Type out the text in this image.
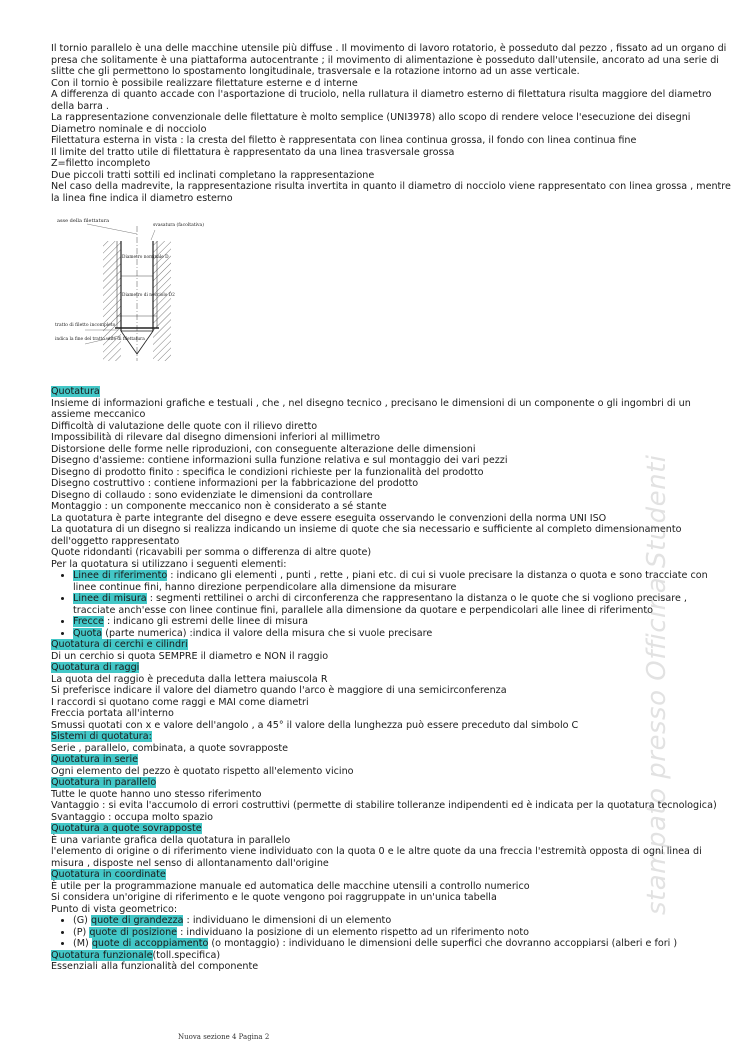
Il tornio parallelo è una delle macchine utensile più diffuse . Il movimento di lavoro rotatorio, è posseduto dal pezzo , fissato ad un organo di presa che solitamente è una piattaforma autocentrante ; il movimento di alimentazione è posseduto dall'utensile, ancorato ad una serie di slitte che gli permettono lo spostamento longitudinale, trasversale e la rotazione intorno ad un asse verticale.

Con il tornio è possibile realizzare filettature esterne e d interne

A differenza di quanto accade con l'asportazione di truciolo, nella rullatura il diametro esterno di filettatura risulta maggiore del diametro della barra .

La rappresentazione convenzionale delle filettature è molto semplice (UNI3978) allo scopo di rendere veloce l'esecuzione dei disegni

Diametro nominale e di nocciolo

Filettatura esterna in vista : la cresta del filetto è rappresentata con linea continua grossa, il fondo con linea continua fine

Il limite del tratto utile di filettatura è rappresentato da una linea trasversale grossa

Z=filetto incompleto

Due piccoli tratti sottili ed inclinati completano la rappresentazione

Nel caso della madrevite, la rappresentazione risulta invertita in quanto il diametro di nocciolo viene rappresentato con linea grossa , mentre la linea fine indica il diametro esterno

asse della filettatura
svasatura (facoltativa)
Diametro nominale D
Diametro di nocciolo D2
tratto di filetto incompleto
indica la fine del tratto utile di filettatura

Quotatura

Insieme di informazioni grafiche e testuali , che , nel disegno tecnico , precisano le dimensioni di un componente o gli ingombri di un assieme meccanico

Difficoltà di valutazione delle quote con il rilievo diretto

Impossibilità di rilevare dal disegno dimensioni inferiori al millimetro

Distorsione delle forme nelle riproduzioni, con conseguente alterazione delle dimensioni

Disegno d'assieme: contiene informazioni sulla funzione relativa e sul montaggio dei vari pezzi

Disegno di prodotto finito : specifica le condizioni richieste per la funzionalità del prodotto

Disegno costruttivo : contiene informazioni per la fabbricazione del prodotto

Disegno di collaudo : sono evidenziate le dimensioni da controllare

Montaggio : un componente meccanico non è considerato a sé stante

La quotatura è parte integrante del disegno e deve essere eseguita osservando le convenzioni della norma UNI ISO

La quotatura di un disegno si realizza indicando un insieme di quote che sia necessario e sufficiente al completo dimensionamento dell'oggetto rappresentato

Quote ridondanti (ricavabili per somma o differenza di altre quote)

Per la quotatura si utilizzano i seguenti elementi:

• Linee di riferimento : indicano gli elementi , punti , rette , piani etc. di cui si vuole precisare la distanza o quota e sono tracciate con linee continue fini, hanno direzione perpendicolare alla dimensione da misurare
• Linee di misura : segmenti rettilinei o archi di circonferenza che rappresentano la distanza o le quote che si vogliono precisare , tracciate anch'esse con linee continue fini, parallele alla dimensione da quotare e perpendicolari alle linee di riferimento
• Frecce : indicano gli estremi delle linee di misura
• Quota (parte numerica) :indica il valore della misura che si vuole precisare

Quotatura di cerchi e cilindri

Di un cerchio si quota SEMPRE il diametro e NON il raggio

Quotatura di raggi

La quota del raggio è preceduta dalla lettera maiuscola R

Si preferisce indicare il valore del diametro quando l'arco è maggiore di una semicirconferenza

I raccordi si quotano come raggi e MAI come diametri

Freccia portata all'interno

Smussi quotati con x e valore dell'angolo , a 45° il valore della lunghezza può essere preceduto dal simbolo C

Sistemi di quotatura:

Serie , parallelo, combinata, a quote sovrapposte

Quotatura in serie

Ogni elemento del pezzo è quotato rispetto all'elemento vicino

Quotatura in parallelo

Tutte le quote hanno uno stesso riferimento

Vantaggio : si evita l'accumolo di errori costruttivi (permette di stabilire tolleranze indipendenti ed è indicata per la quotatura tecnologica)

Svantaggio : occupa molto spazio

Quotatura a quote sovrapposte

È una variante grafica della quotatura in parallelo

l'elemento di origine o di riferimento viene individuato con la quota 0 e le altre quote da una freccia l'estremità opposta di ogni linea di misura , disposte nel senso di allontanamento dall'origine

Quotatura in coordinate

È utile per la programmazione manuale ed automatica delle macchine utensili a controllo numerico

Si considera un'origine di riferimento e le quote vengono poi raggruppate in un'unica tabella

Punto di vista geometrico:

• (G) quote di grandezza : individuano le dimensioni di un elemento
• (P) quote di posizione : individuano la posizione di un elemento rispetto ad un riferimento noto
• (M) quote di accoppiamento (o montaggio) : individuano le dimensioni delle superfici che dovranno accoppiarsi (alberi e fori )

Quotatura funzionale(toll.specifica)

Essenziali alla funzionalità del componente

Nuova sezione 4 Pagina 2
stampato presso Officina Studenti
